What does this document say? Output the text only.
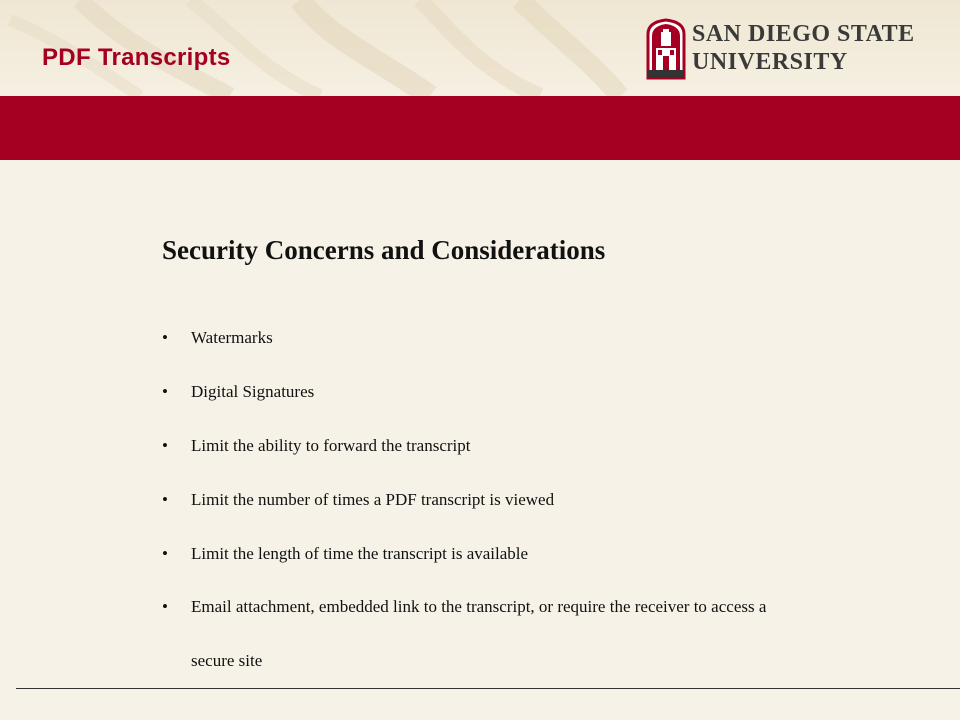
PDF Transcripts
SAN DIEGO STATE
UNIVERSITY
Security Concerns and Considerations
• Watermarks
• Digital Signatures
• Limit the ability to forward the transcript
• Limit the number of times a PDF transcript is viewed
• Limit the length of time the transcript is available
• Email attachment, embedded link to the transcript, or require the receiver to access a secure site
